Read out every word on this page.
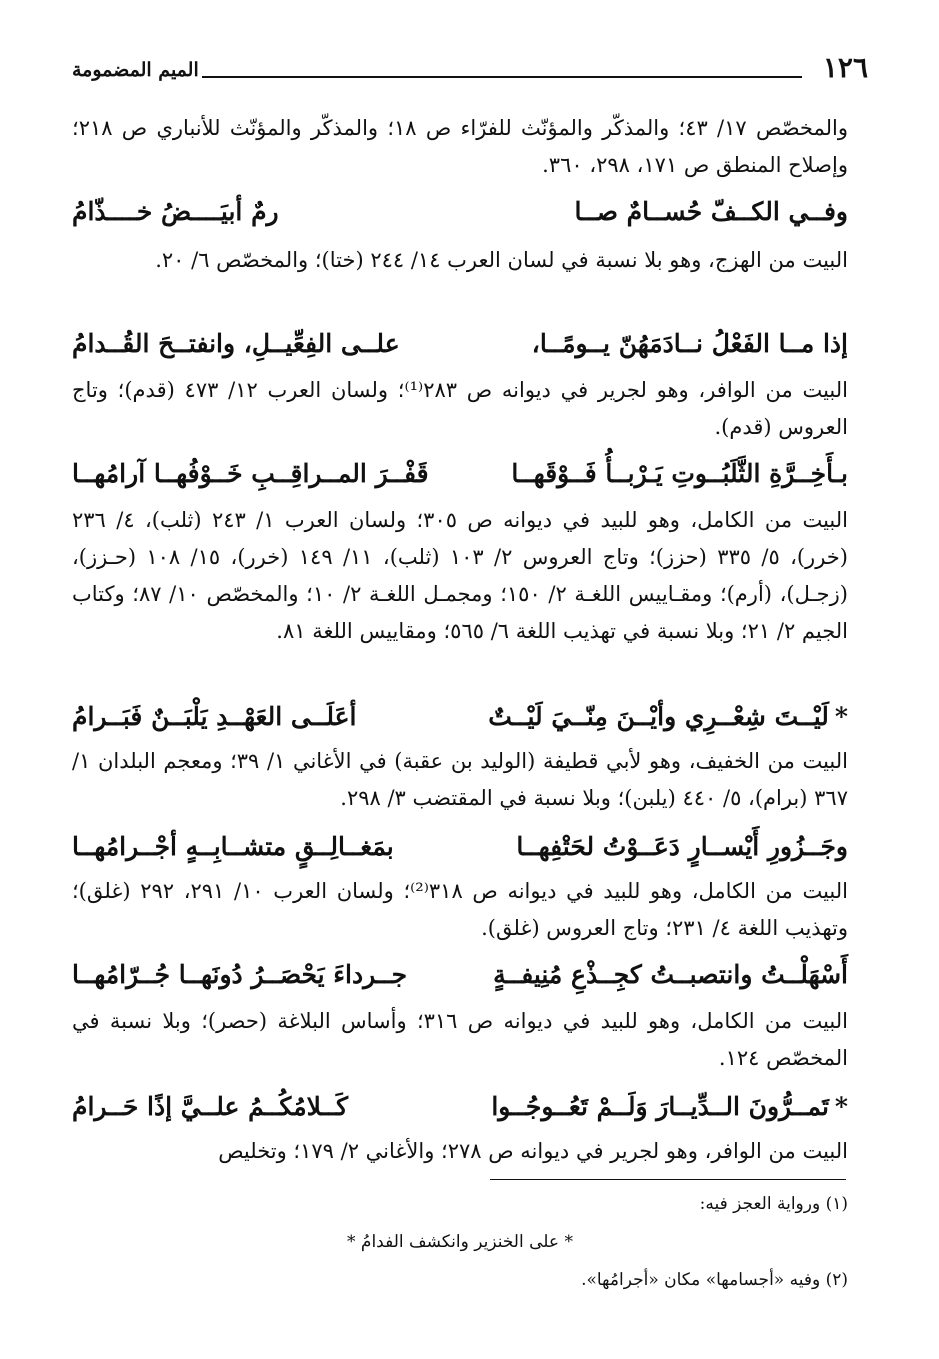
١٢٦
الميم المضمومة

والمخصّص ١٧/ ٤٣؛ والمذكّر والمؤنّث للفرّاء ص ١٨؛ والمذكّر والمؤنّث للأنباري ص ٢١٨؛ وإصلاح المنطق ص ١٧١، ٢٩٨، ٣٦٠.

وفــي الكــفّ حُســامٌ صــا
رمٌ أبيَــــضُ خــــذّامُ

البيت من الهزج، وهو بلا نسبة في لسان العرب ١٤/ ٢٤٤ (ختا)؛ والمخصّص ٦/ ٢٠.

إذا مــا الفَعْلُ نــادَمَهُنّ يــومًــا،
علــى الفِعِّيــلِ، وانفتــحَ القُــدامُ

البيت من الوافر، وهو لجرير في ديوانه ص ٢٨٣⁽¹⁾؛ ولسان العرب ١٢/ ٤٧٣ (قدم)؛ وتاج العروس (قدم).

بـأَخِــرَّةِ الثَّلَبُــوتِ يَـرْبــأُ فَــوْقَهــا
قَفْــرَ المــراقِــبِ خَــوْفُهــا آرامُهــا

البيت من الكامل، وهو للبيد في ديوانه ص ٣٠٥؛ ولسان العرب ١/ ٢٤٣ (ثلب)، ٤/ ٢٣٦ (خرر)، ٥/ ٣٣٥ (حزز)؛ وتاج العروس ٢/ ١٠٣ (ثلب)، ١١/ ١٤٩ (خرر)، ١٥/ ١٠٨ (حـزز)، (زجـل)، (أرم)؛ ومقـاييس اللغـة ٢/ ١٥٠؛ ومجمـل اللغـة ٢/ ١٠؛ والمخصّص ١٠/ ٨٧؛ وكتاب الجيم ٢/ ٢١؛ وبلا نسبة في تهذيب اللغة ٦/ ٥٦٥؛ ومقاييس اللغة ٨١.

*لَيْــتَ شِعْــرِي وأيْــنَ مِنّــيَ لَيْــتٌ
أعَلَــى العَهْــدِ يَلْبَــنٌ فَبَــرامُ

البيت من الخفيف، وهو لأبي قطيفة (الوليد بن عقبة) في الأغاني ١/ ٣٩؛ ومعجم البلدان ١/ ٣٦٧ (برام)، ٥/ ٤٤٠ (يلبن)؛ وبلا نسبة في المقتضب ٣/ ٢٩٨.

وجَــزُورِ أَيْســارٍ دَعَــوْتُ لحَتْفِهــا
بمَغــالِــقٍ متشــابِــهٍ أجْــرامُهــا

البيت من الكامل، وهو للبيد في ديوانه ص ٣١٨⁽²⁾؛ ولسان العرب ١٠/ ٢٩١، ٢٩٢ (غلق)؛ وتهذيب اللغة ٤/ ٢٣١؛ وتاج العروس (غلق).

أَسْهَلْــتُ وانتصبــتُ كجِــذْعِ مُنِيفــةٍ
جــرداءَ يَحْصَــرُ دُونَهــا جُــرّامُهــا

البيت من الكامل، وهو للبيد في ديوانه ص ٣١٦؛ وأساس البلاغة (حصر)؛ وبلا نسبة في المخصّص ١٢٤.

*تَمــرُّونَ الــدِّيــارَ وَلَــمْ تَعُــوجُــوا
كَــلامُكُــمُ علــيَّ إذًا حَــرامُ

البيت من الوافر، وهو لجرير في ديوانه ص ٢٧٨؛ والأغاني ٢/ ١٧٩؛ وتخليص

(١) ورواية العجز فيه:
* على الخنزير وانكشف الفدامُ *
(٢) وفيه «أجسامها» مكان «أجرامُها».
